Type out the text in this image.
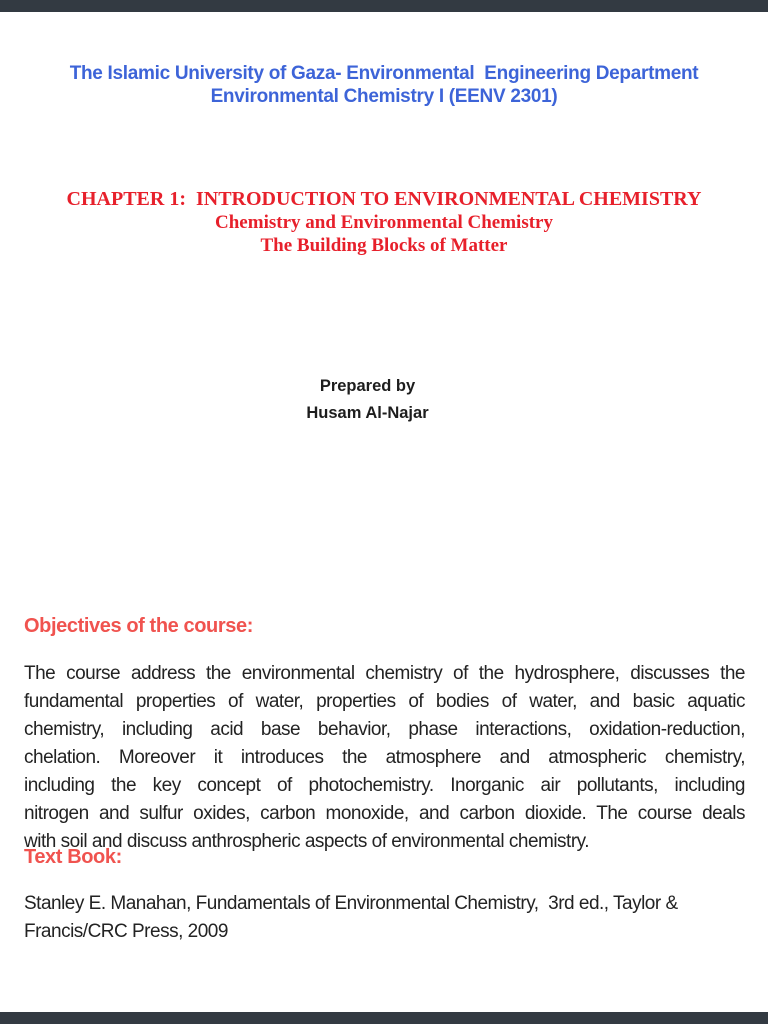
The Islamic University of Gaza- Environmental  Engineering Department
Environmental Chemistry I (EENV 2301)
CHAPTER 1:  INTRODUCTION TO ENVIRONMENTAL CHEMISTRY
Chemistry and Environmental Chemistry
The Building Blocks of Matter
Prepared by
Husam Al-Najar
Objectives of the course:
The course address the environmental chemistry of the hydrosphere, discusses the
fundamental properties of water, properties of bodies of water, and basic aquatic
chemistry, including acid base behavior, phase interactions, oxidation-reduction,
chelation. Moreover it introduces the atmosphere and atmospheric chemistry,
including the key concept of photochemistry. Inorganic air pollutants, including
nitrogen and sulfur oxides, carbon monoxide, and carbon dioxide. The course deals
with soil and discuss anthrospheric aspects of environmental chemistry.
Text Book:
Stanley E. Manahan, Fundamentals of Environmental Chemistry,  3rd ed., Taylor &
Francis/CRC Press, 2009
